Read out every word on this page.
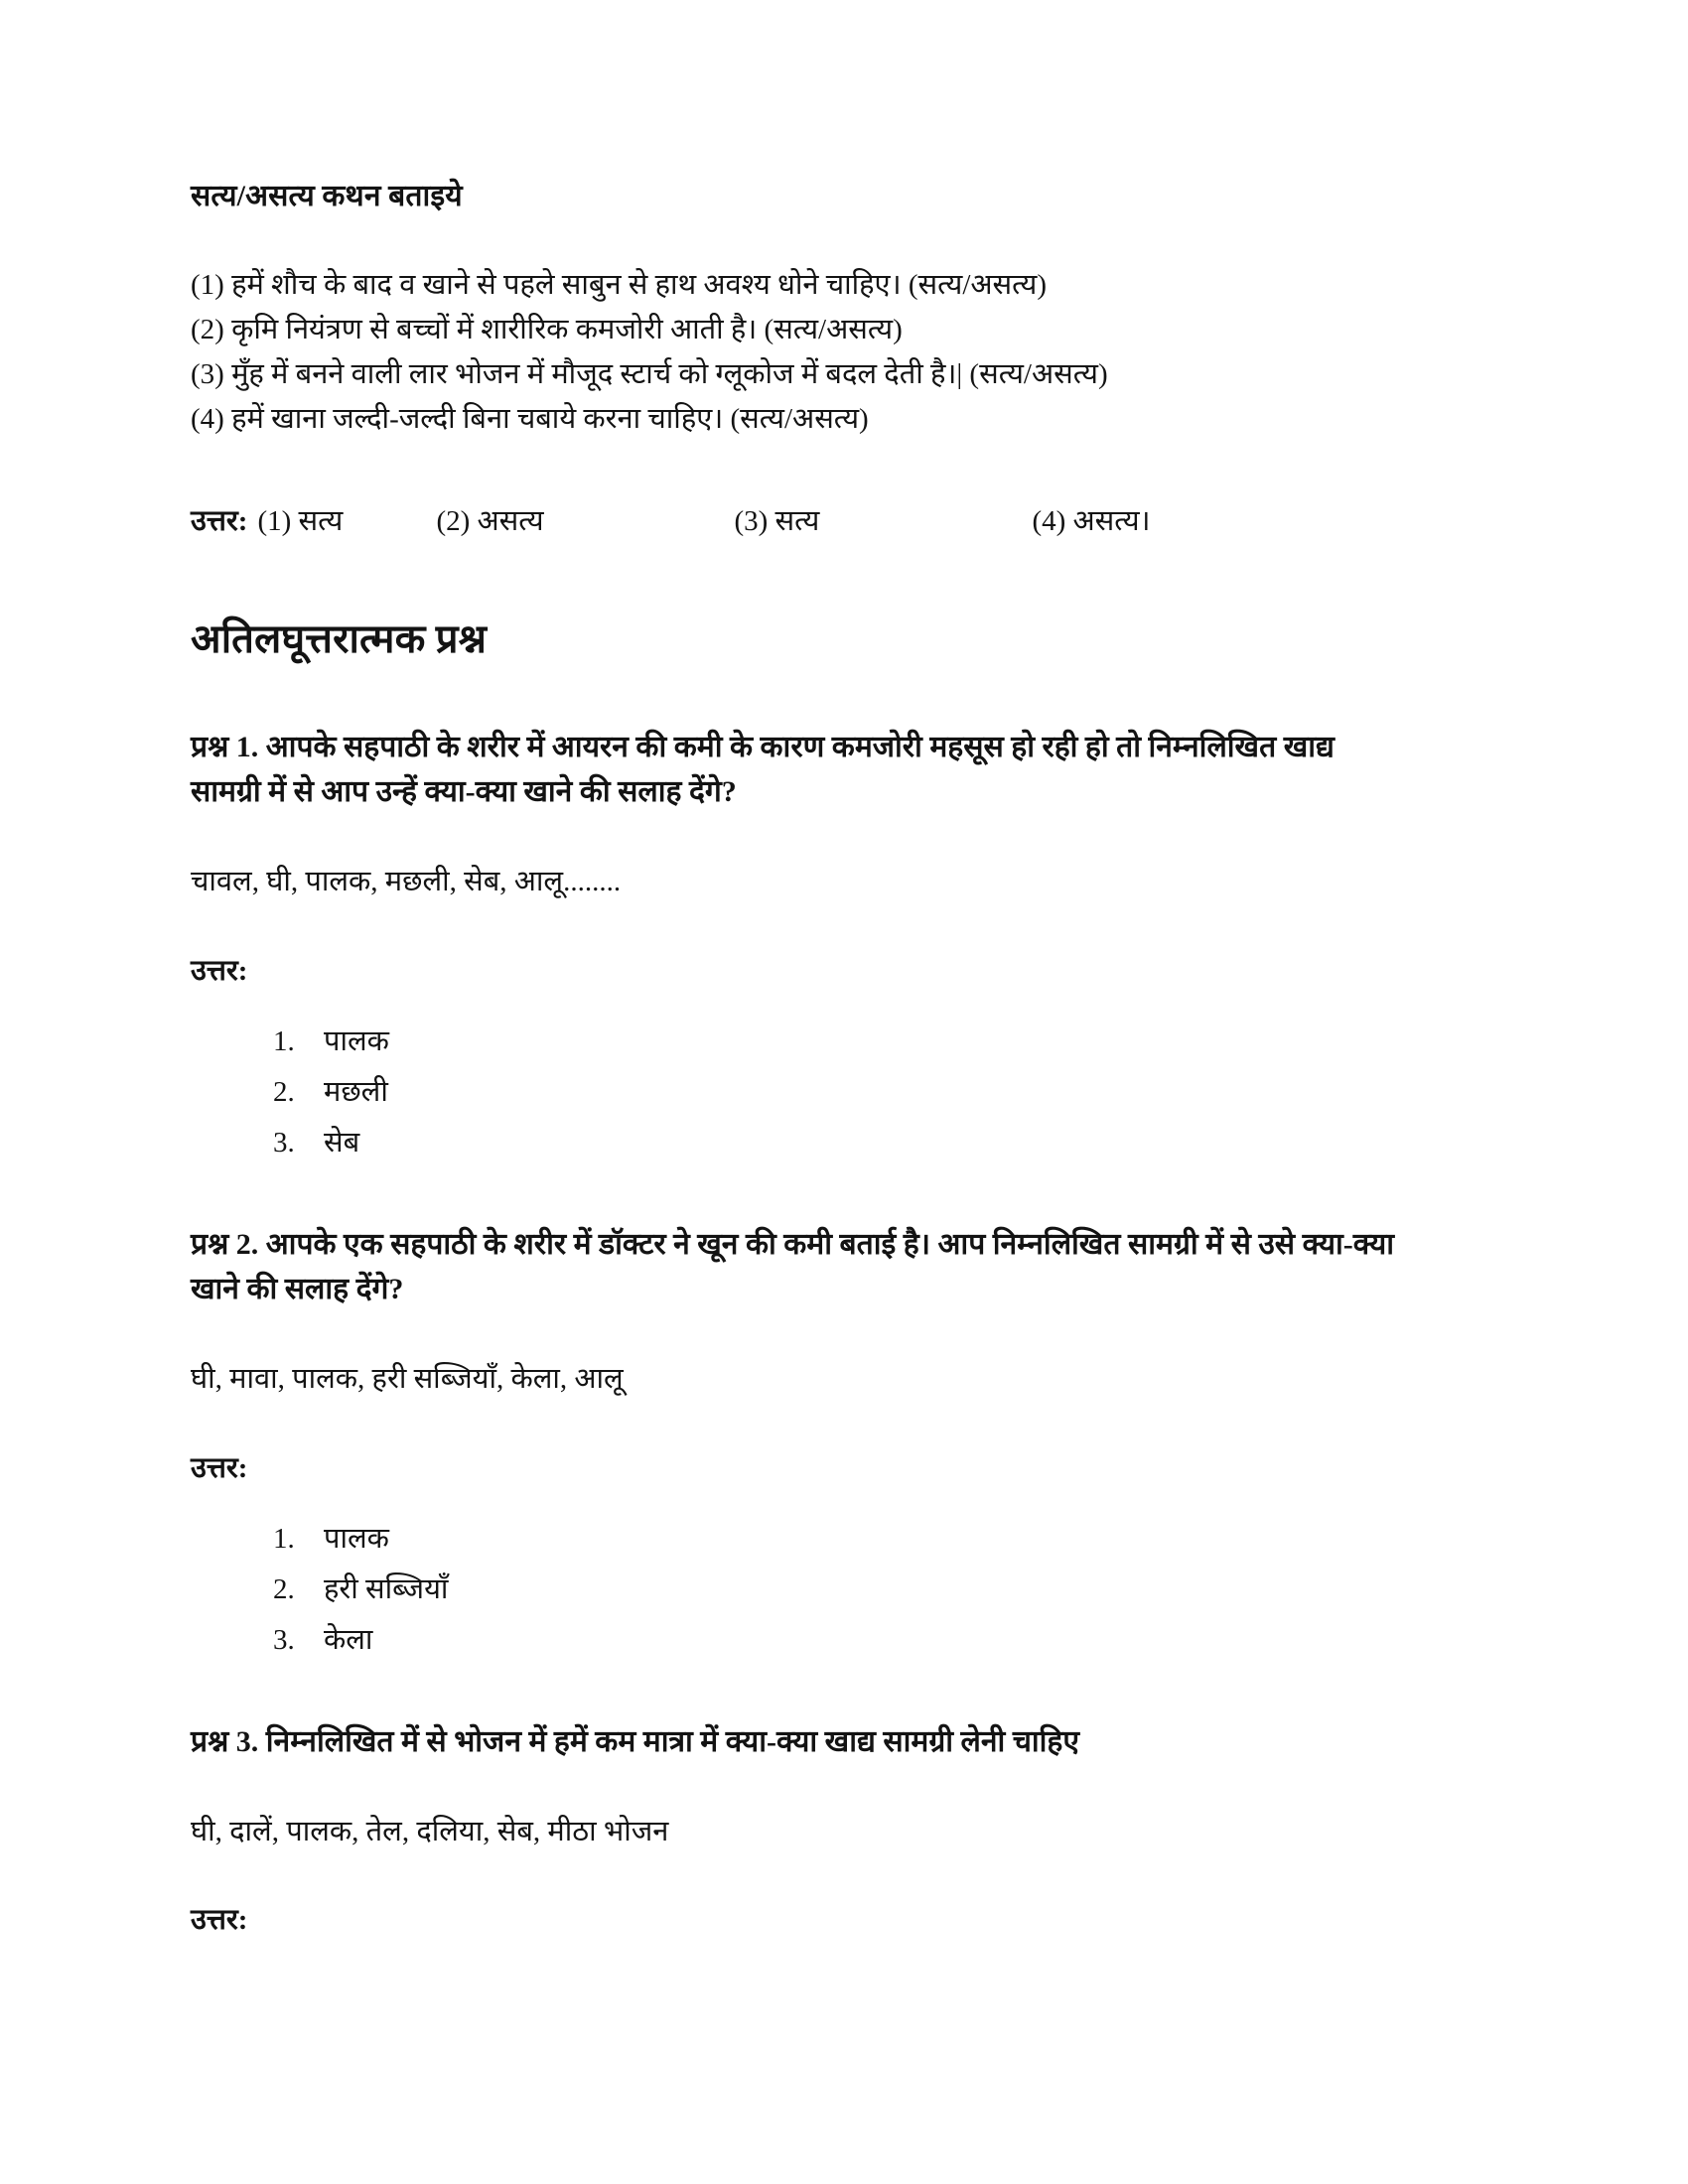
सत्य/असत्य कथन बताइये
(1) हमें शौच के बाद व खाने से पहले साबुन से हाथ अवश्य धोने चाहिए। (सत्य/असत्य)
(2) कृमि नियंत्रण से बच्चों में शारीरिक कमजोरी आती है। (सत्य/असत्य)
(3) मुँह में बनने वाली लार भोजन में मौजूद स्टार्च को ग्लूकोज में बदल देती है।| (सत्य/असत्य)
(4) हमें खाना जल्दी-जल्दी बिना चबाये करना चाहिए। (सत्य/असत्य)
उत्तर: (1) सत्य	(2) असत्य	(3) सत्य	(4) असत्य।
अतिलघूत्तरात्मक प्रश्न

प्रश्न 1. आपके सहपाठी के शरीर में आयरन की कमी के कारण कमजोरी महसूस हो रही हो तो निम्नलिखित खाद्य सामग्री में से आप उन्हें क्या-क्या खाने की सलाह देंगे?

चावल, घी, पालक, मछली, सेब, आलू........

उत्तर:

1. पालक
2. मछली
3. सेब

प्रश्न 2. आपके एक सहपाठी के शरीर में डॉक्टर ने खून की कमी बताई है। आप निम्नलिखित सामग्री में से उसे क्या-क्या खाने की सलाह देंगे?

घी, मावा, पालक, हरी सब्जियाँ, केला, आलू

उत्तर:

1. पालक
2. हरी सब्जियाँ
3. केला

प्रश्न 3. निम्नलिखित में से भोजन में हमें कम मात्रा में क्या-क्या खाद्य सामग्री लेनी चाहिए

घी, दालें, पालक, तेल, दलिया, सेब, मीठा भोजन

उत्तर:
